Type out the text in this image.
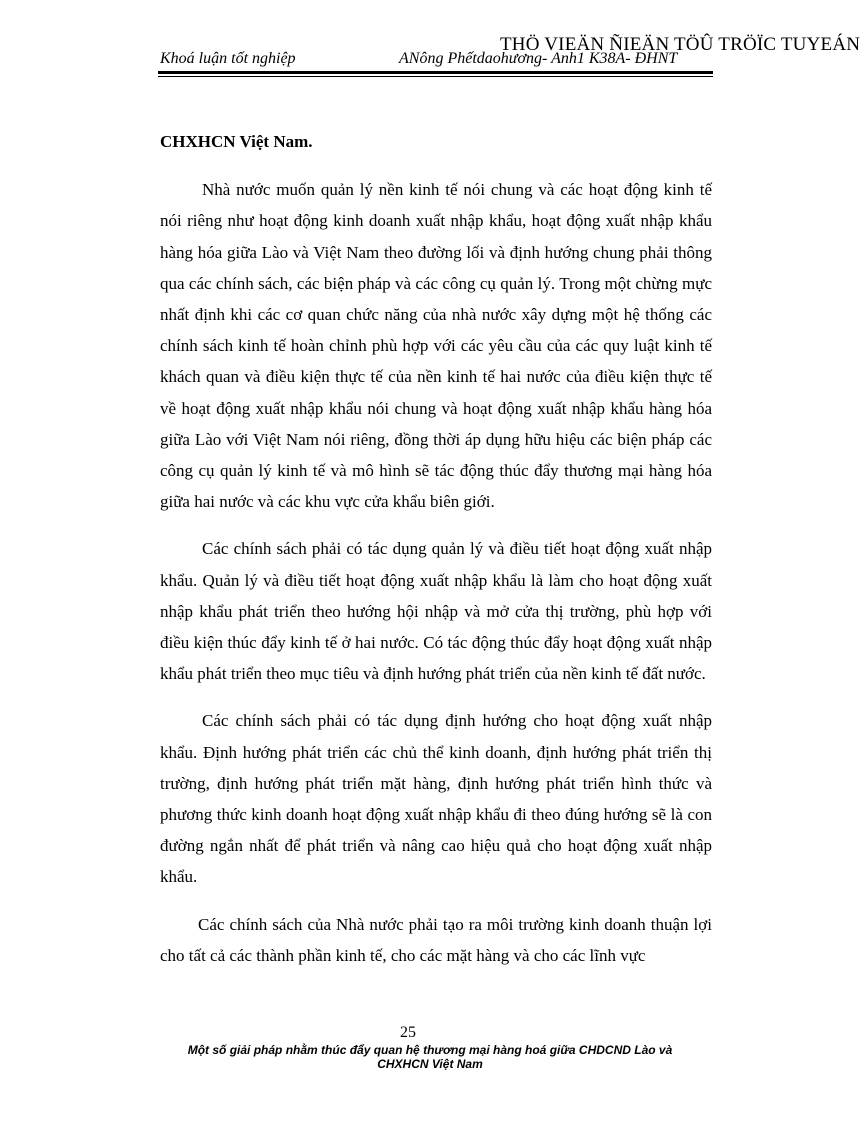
Khoá luận tốt nghiệp	ANông Phếtdaohương- Anh1 K38A- ĐHNT
THÖ VIEÄN ÑIEÄN TÖÛ TRÖÏC TUYEÁN

CHXHCN Việt Nam.

Nhà nước muốn quản lý nền kinh tế nói chung và các hoạt động kinh tế nói riêng như hoạt động kinh doanh xuất nhập khẩu, hoạt động xuất nhập khẩu hàng hóa giữa Lào và Việt Nam theo đường lối và định hướng chung phải thông qua các chính sách, các biện pháp và các công cụ quản lý. Trong một chừng mực nhất định khi các cơ quan chức năng của nhà nước xây dựng một hệ thống các chính sách kinh tế hoàn chỉnh phù hợp với các yêu cầu của các quy luật kinh tế khách quan và điều kiện thực tế của nền kinh tế hai nước của điều kiện thực tế về hoạt động xuất nhập khẩu nói chung và hoạt động xuất nhập khẩu hàng hóa giữa Lào với Việt Nam nói riêng, đồng thời áp dụng hữu hiệu các biện pháp các công cụ quản lý kinh tế và mô hình sẽ tác động thúc đẩy thương mại hàng hóa giữa hai nước và các khu vực cửa khẩu biên giới.

Các chính sách phải có tác dụng quản lý và điều tiết hoạt động xuất nhập khẩu. Quản lý và điều tiết hoạt động xuất nhập khẩu là làm cho hoạt động xuất nhập khẩu phát triển theo hướng hội nhập và mở cửa thị trường, phù hợp với điều kiện thúc đẩy kinh tế ở hai nước. Có tác động thúc đẩy hoạt động xuất nhập khẩu phát triển theo mục tiêu và định hướng phát triển của nền kinh tế đất nước.

Các chính sách phải có tác dụng định hướng cho hoạt động xuất nhập khẩu. Định hướng phát triển các chủ thể kinh doanh, định hướng phát triển thị trường, định hướng phát triển mặt hàng, định hướng phát triển hình thức và phương thức kinh doanh hoạt động xuất nhập khẩu đi theo đúng hướng sẽ là con đường ngắn nhất để phát triển và nâng cao hiệu quả cho hoạt động xuất nhập khẩu.

Các chính sách của Nhà nước phải tạo ra môi trường kinh doanh thuận lợi cho tất cả các thành phần kinh tế, cho các mặt hàng và cho các lĩnh vực

25
Một số giải pháp nhằm thúc đẩy quan hệ thương mại hàng hoá giữa CHDCND Lào và
CHXHCN Việt Nam
